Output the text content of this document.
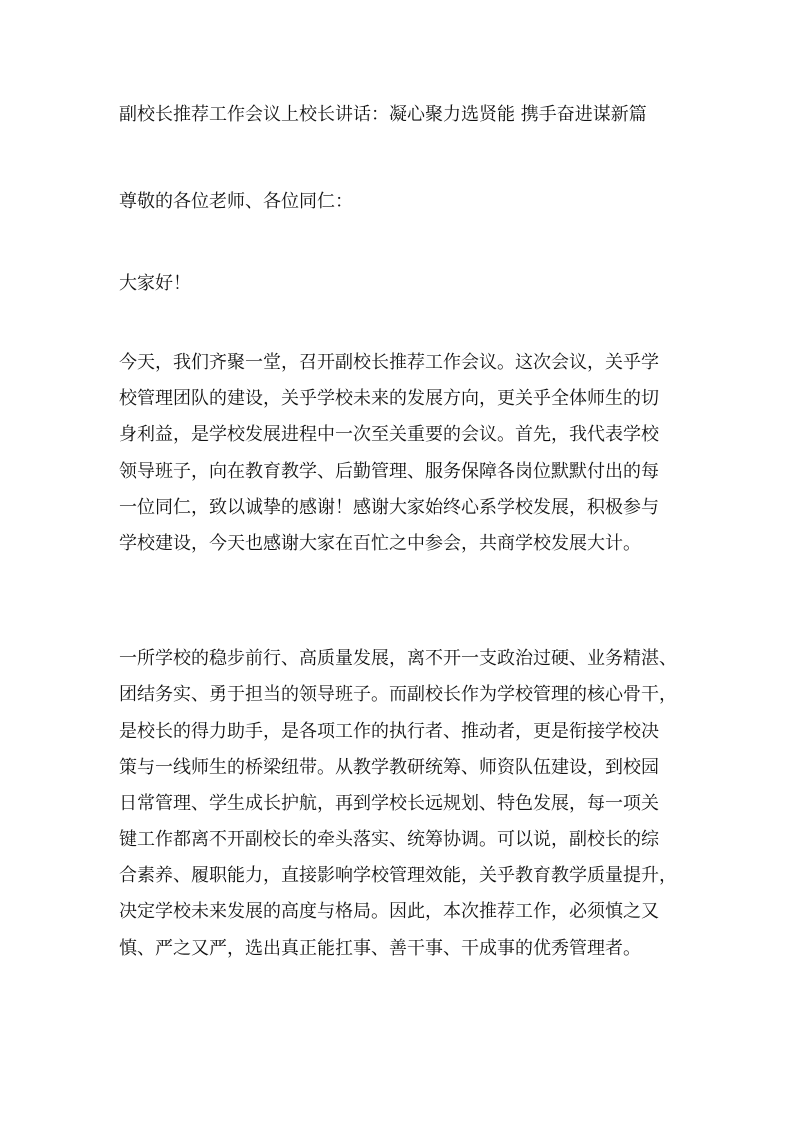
副校长推荐工作会议上校长讲话：凝心聚力选贤能 携手奋进谋新篇
尊敬的各位老师、各位同仁：
大家好！
今天，我们齐聚一堂，召开副校长推荐工作会议。这次会议，关乎学
校管理团队的建设，关乎学校未来的发展方向，更关乎全体师生的切
身利益，是学校发展进程中一次至关重要的会议。首先，我代表学校
领导班子，向在教育教学、后勤管理、服务保障各岗位默默付出的每
一位同仁，致以诚挚的感谢！感谢大家始终心系学校发展，积极参与
学校建设，今天也感谢大家在百忙之中参会，共商学校发展大计。
一所学校的稳步前行、高质量发展，离不开一支政治过硬、业务精湛、
团结务实、勇于担当的领导班子。而副校长作为学校管理的核心骨干，
是校长的得力助手，是各项工作的执行者、推动者，更是衔接学校决
策与一线师生的桥梁纽带。从教学教研统筹、师资队伍建设，到校园
日常管理、学生成长护航，再到学校长远规划、特色发展，每一项关
键工作都离不开副校长的牵头落实、统筹协调。可以说，副校长的综
合素养、履职能力，直接影响学校管理效能，关乎教育教学质量提升，
决定学校未来发展的高度与格局。因此，本次推荐工作，必须慎之又
慎、严之又严，选出真正能扛事、善干事、干成事的优秀管理者。
